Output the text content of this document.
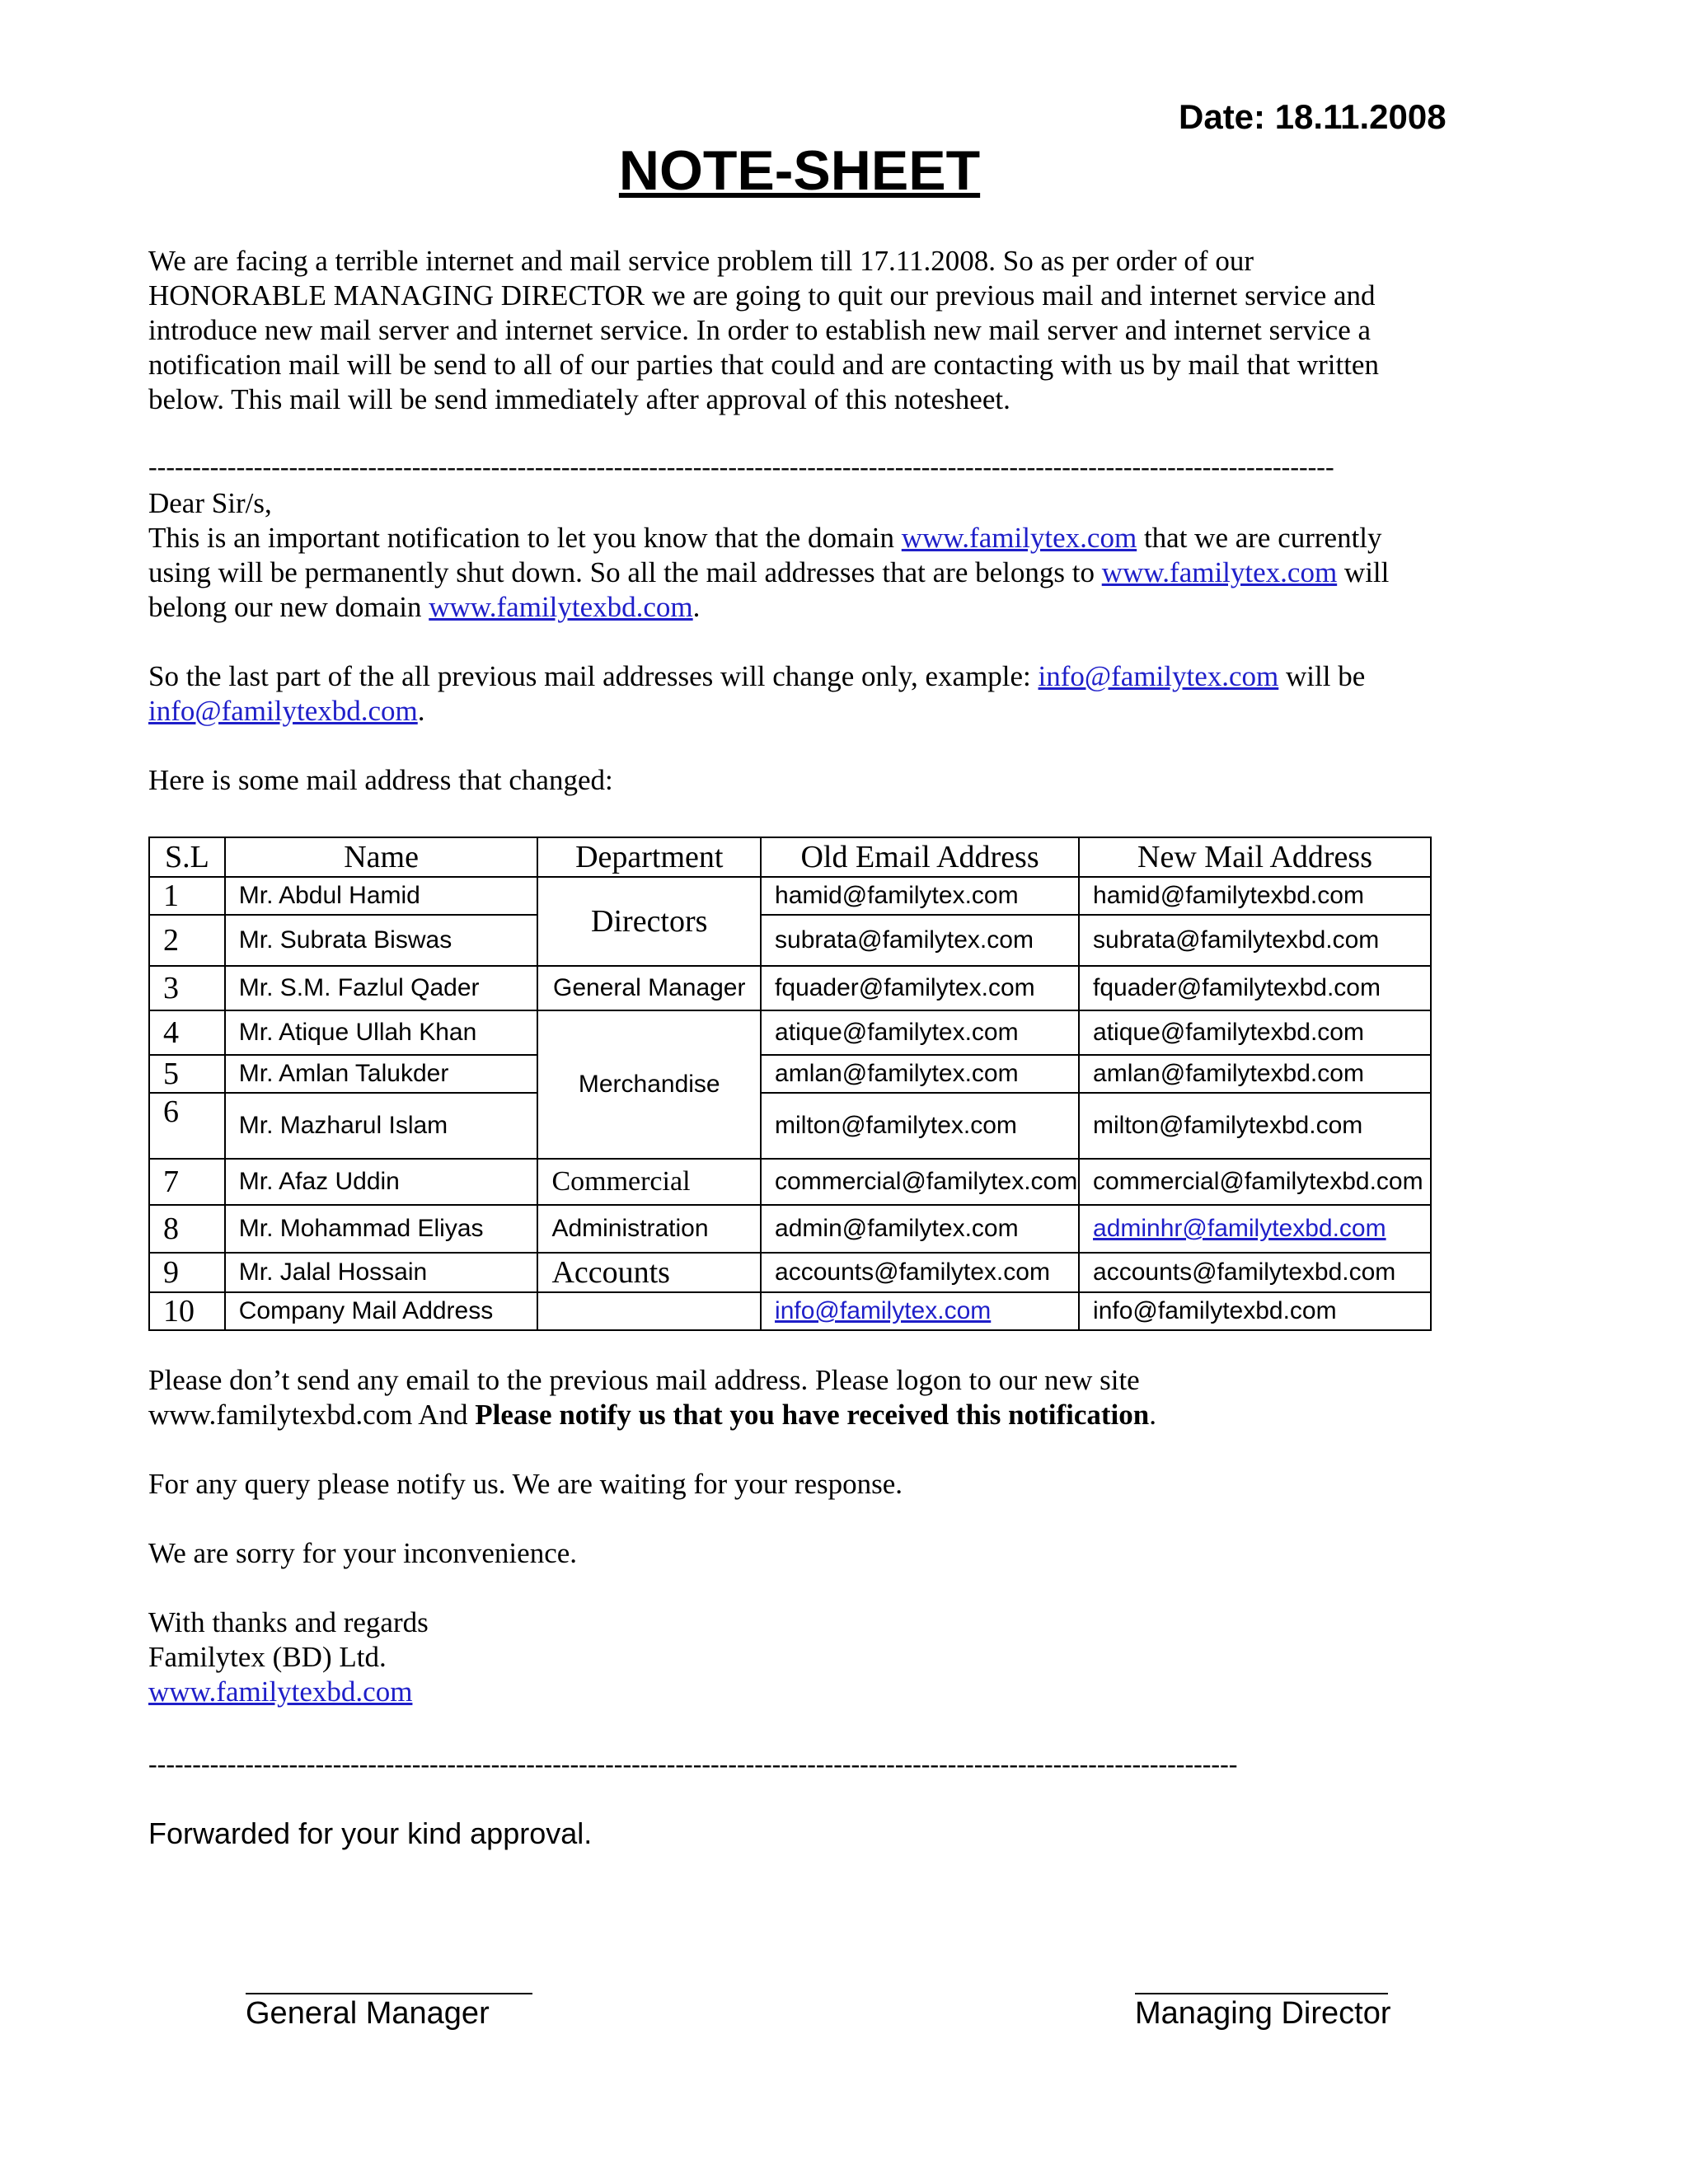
Date: 18.11.2008
NOTE-SHEET
We are facing a terrible internet and mail service problem till 17.11.2008. So as per order of our
HONORABLE MANAGING DIRECTOR we are going to quit our previous mail and internet service and
introduce new mail server and internet service. In order to establish new mail server and internet service a
notification mail will be send to all of our parties that could and are contacting with us by mail that written
below. This mail will be send immediately after approval of this notesheet.
---------------------------------------------------------------------------------------------------------------------------------------
Dear Sir/s,
This is an important notification to let you know that the domain www.familytex.com that we are currently
using will be permanently shut down. So all the mail addresses that are belongs to www.familytex.com will
belong our new domain www.familytexbd.com.
So the last part of the all previous mail addresses will change only, example: info@familytex.com will be
info@familytexbd.com.
Here is some mail address that changed:
S.L	Name	Department	Old Email Address	New Mail Address
1	Mr. Abdul Hamid	Directors	hamid@familytex.com	hamid@familytexbd.com
2	Mr. Subrata Biswas		subrata@familytex.com	subrata@familytexbd.com
3	Mr. S.M. Fazlul Qader	General Manager	fquader@familytex.com	fquader@familytexbd.com
4	Mr. Atique Ullah Khan	Merchandise	atique@familytex.com	atique@familytexbd.com
5	Mr. Amlan Talukder		amlan@familytex.com	amlan@familytexbd.com
6	Mr. Mazharul Islam		milton@familytex.com	milton@familytexbd.com
7	Mr. Afaz Uddin	Commercial	commercial@familytex.com	commercial@familytexbd.com
8	Mr. Mohammad Eliyas	Administration	admin@familytex.com	adminhr@familytexbd.com
9	Mr. Jalal Hossain	Accounts	accounts@familytex.com	accounts@familytexbd.com
10	Company Mail Address		info@familytex.com	info@familytexbd.com
Please don’t send any email to the previous mail address. Please logon to our new site
www.familytexbd.com And Please notify us that you have received this notification.
For any query please notify us. We are waiting for your response.
We are sorry for your inconvenience.
With thanks and regards
Familytex (BD) Ltd.
www.familytexbd.com
----------------------------------------------------------------------------------------------------------------------------
Forwarded for your kind approval.
General Manager	Managing Director
